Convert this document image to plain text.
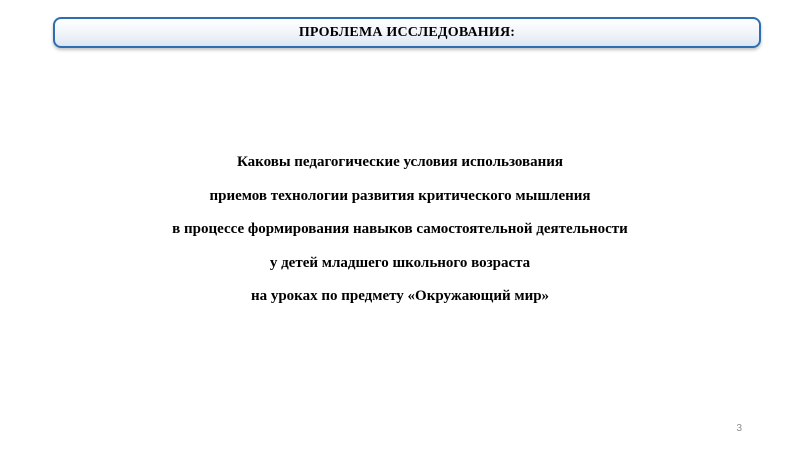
ПРОБЛЕМА ИССЛЕДОВАНИЯ:
Каковы педагогические условия использования
приемов технологии развития критического мышления
в процессе формирования навыков самостоятельной деятельности
у детей младшего школьного возраста
на уроках по предмету «Окружающий мир»
3
